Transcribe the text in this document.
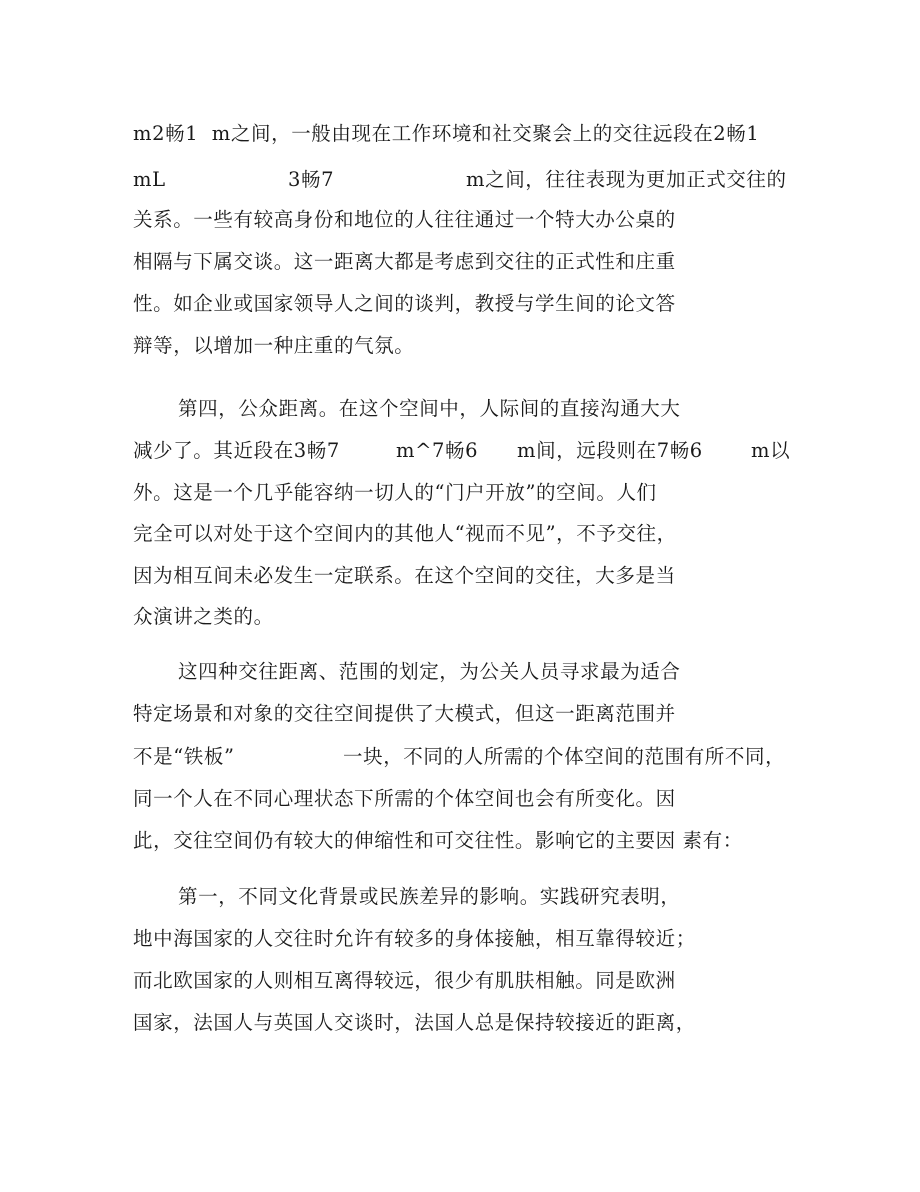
m2畅1  m之间，一般由现在工作环境和社交聚会上的交往。

远段在2畅1

mL

	3畅7

	m之间，往往表现为更加正式交往的

关系。一些有较高身份和地位的人往往通过一个特大办公桌的
相隔与下属交谈。这一距离大都是考虑到交往的正式性和庄重
性。如企业或国家领导人之间的谈判，教授与学生间的论文答
辩等，以增加一种庄重的气氛。
第四，公众距离。在这个空间中，人际间的直接沟通大大

减少了。其近段在3畅7

	m^7畅6

m间，远段则在7畅6

m以

外。这是一个几乎能容纳一切人的“门户开放”的空间。人们
完全可以对处于这个空间内的其他人“视而不见”，不予交往，
因为相互间未必发生一定联系。在这个空间的交往，大多是当
众演讲之类的。
这四种交往距离、范围的划定，为公关人员寻求最为适合
特定场景和对象的交往空间提供了大模式，但这一距离范围并

不是“铁板”

	一块，不同的人所需的个体空间的范围有所不同，

同一个人在不同心理状态下所需的个体空间也会有所变化。因
此，交往空间仍有较大的伸缩性和可交往性。影响它的主要因 素有：
第一，不同文化背景或民族差异的影响。实践研究表明，
地中海国家的人交往时允许有较多的身体接触，相互靠得较近；
而北欧国家的人则相互离得较远，很少有肌肤相触。同是欧洲
国家，法国人与英国人交谈时，法国人总是保持较接近的距离，
